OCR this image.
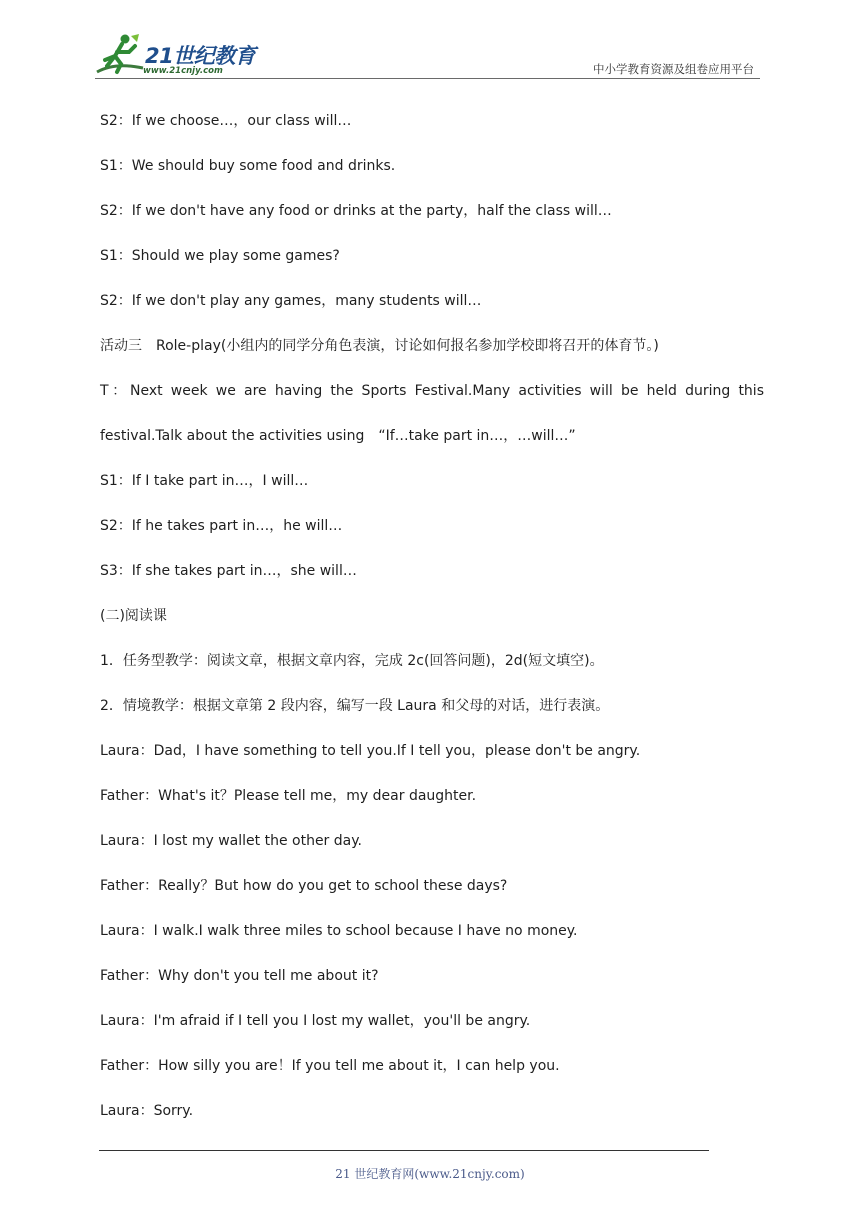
21世纪教育
www.21cnjy.com	中小学教育资源及组卷应用平台
S2：If we choose…，our class will…
S1：We should buy some food and drinks.
S2：If we don't have any food or drinks at the party，half the class will…
S1：Should we play some games?
S2：If we don't play any games，many students will…
活动三　Role-play(小组内的同学分角色表演，讨论如何报名参加学校即将召开的体育节。)
T：Next week we are having the Sports Festival.Many activities will be held during this
festival.Talk about the activities using　“If…take part in…，…will…”
S1：If I take part in…，I will…
S2：If he takes part in…，he will…
S3：If she takes part in…，she will…
(二)阅读课
1．任务型教学：阅读文章，根据文章内容，完成 2c(回答问题)，2d(短文填空)。
2．情境教学：根据文章第 2 段内容，编写一段 Laura 和父母的对话，进行表演。
Laura：Dad，I have something to tell you.If I tell you，please don't be angry.
Father：What's it？Please tell me，my dear daughter.
Laura：I lost my wallet the other day.
Father：Really？But how do you get to school these days?
Laura：I walk.I walk three miles to school because I have no money.
Father：Why don't you tell me about it?
Laura：I'm afraid if I tell you I lost my wallet，you'll be angry.
Father：How silly you are！If you tell me about it，I can help you.
Laura：Sorry.
21 世纪教育网(www.21cnjy.com)
